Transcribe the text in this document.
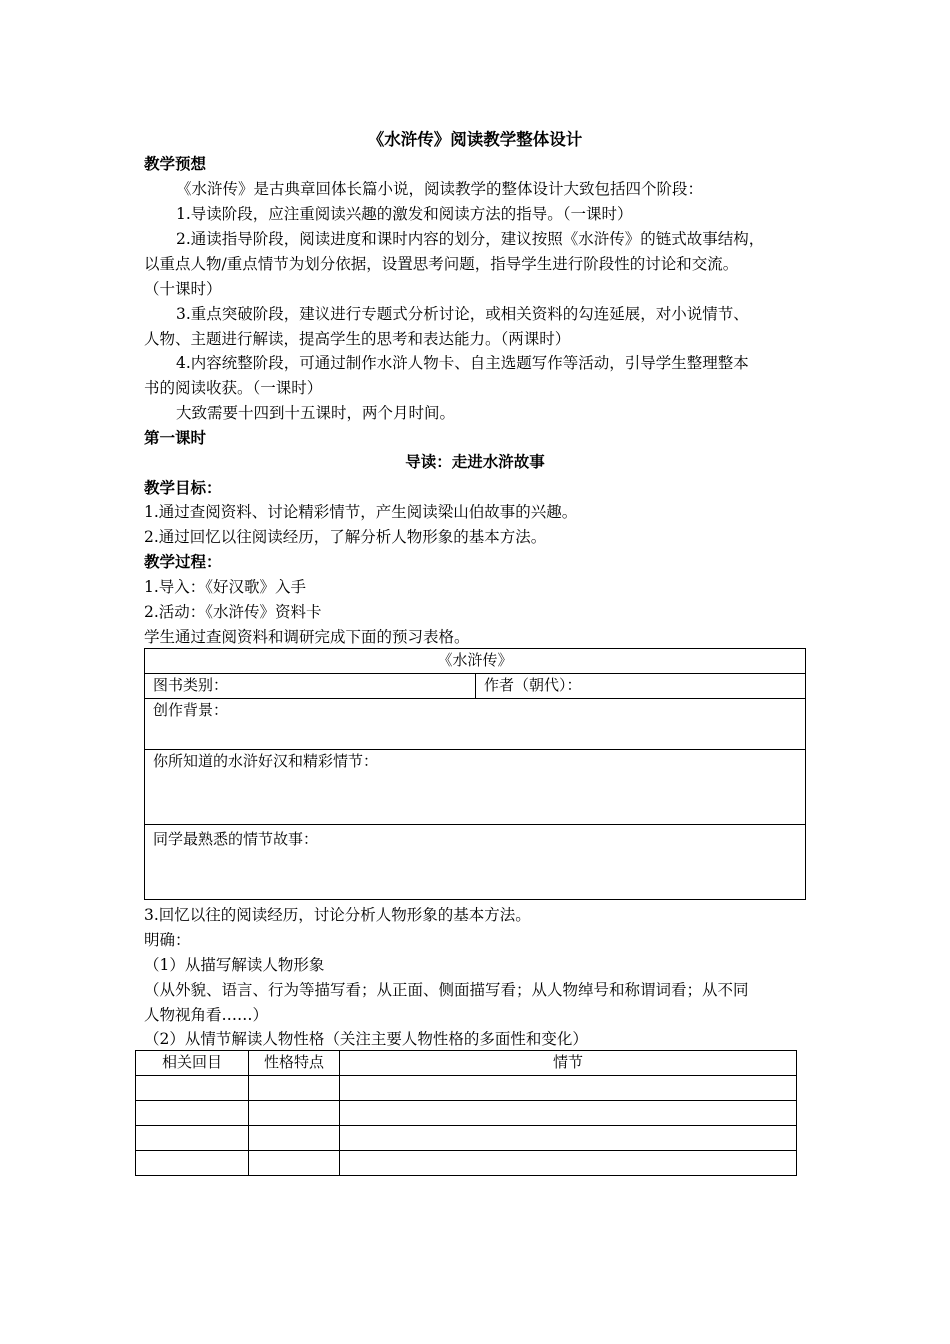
《水浒传》阅读教学整体设计
教学预想
《水浒传》是古典章回体长篇小说，阅读教学的整体设计大致包括四个阶段：
1.导读阶段，应注重阅读兴趣的激发和阅读方法的指导。（一课时）
2.通读指导阶段，阅读进度和课时内容的划分，建议按照《水浒传》的链式故事结构，
以重点人物/重点情节为划分依据，设置思考问题，指导学生进行阶段性的讨论和交流。
（十课时）
3.重点突破阶段，建议进行专题式分析讨论，或相关资料的勾连延展，对小说情节、
人物、主题进行解读，提高学生的思考和表达能力。（两课时）
4.内容统整阶段，可通过制作水浒人物卡、自主选题写作等活动，引导学生整理整本
书的阅读收获。（一课时）
大致需要十四到十五课时，两个月时间。
第一课时
导读：走进水浒故事
教学目标：
1.通过查阅资料、讨论精彩情节，产生阅读梁山伯故事的兴趣。
2.通过回忆以往阅读经历，了解分析人物形象的基本方法。
教学过程：
1.导入：《好汉歌》入手
2.活动：《水浒传》资料卡
学生通过查阅资料和调研完成下面的预习表格。
《水浒传》
图书类别：	作者（朝代）：
创作背景：
你所知道的水浒好汉和精彩情节：
同学最熟悉的情节故事：
3.回忆以往的阅读经历，讨论分析人物形象的基本方法。
明确：
（1）从描写解读人物形象
（从外貌、语言、行为等描写看；从正面、侧面描写看；从人物绰号和称谓词看；从不同
人物视角看……）
（2）从情节解读人物性格（关注主要人物性格的多面性和变化）
相关回目	性格特点	情节
